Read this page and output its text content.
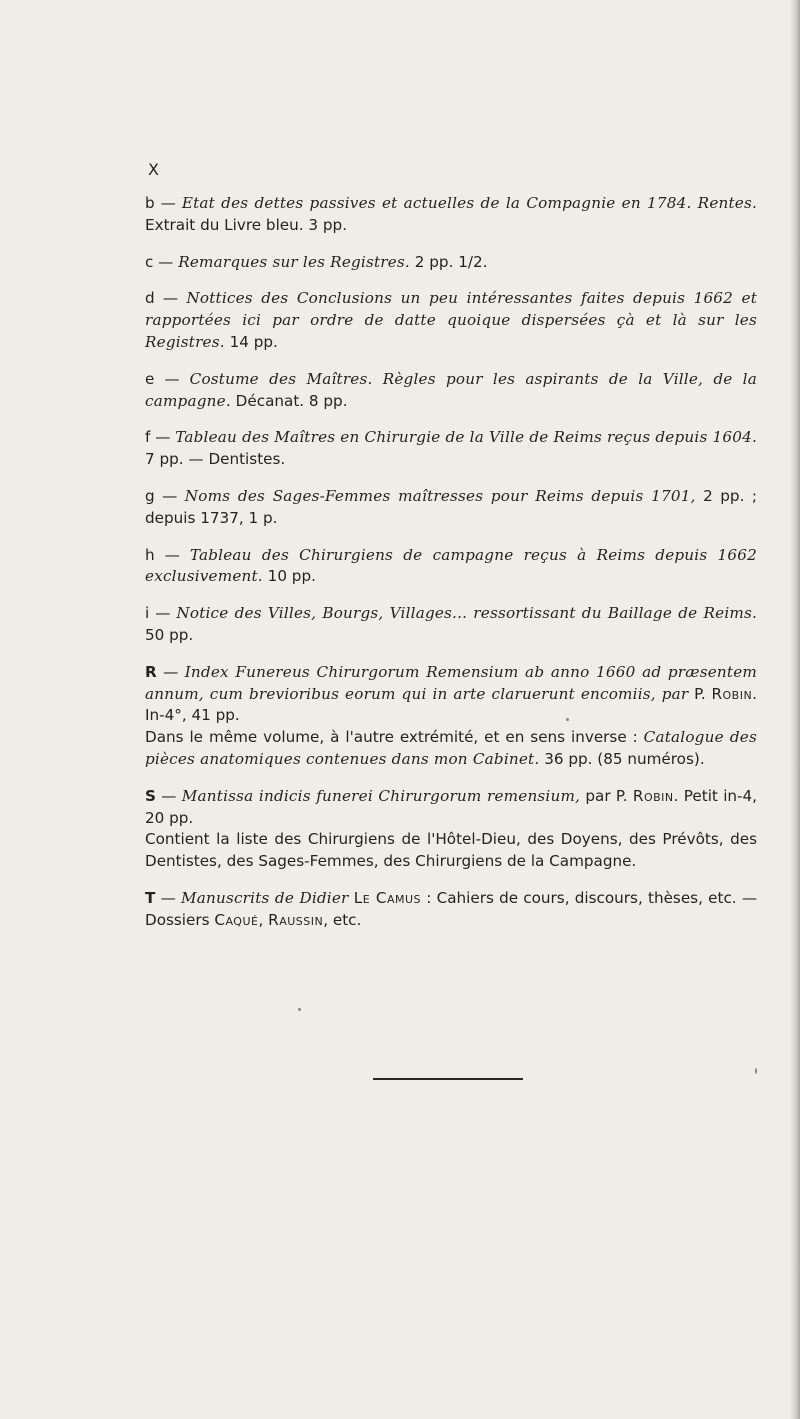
X

b — Etat des dettes passives et actuelles de la Compagnie en 1784. Rentes. Extrait du Livre bleu. 3 pp.

c — Remarques sur les Registres. 2 pp. 1/2.

d — Nottices des Conclusions un peu intéressantes faites depuis 1662 et rapportées ici par ordre de datte quoique dispersées çà et là sur les Registres. 14 pp.

e — Costume des Maîtres. Règles pour les aspirants de la Ville, de la campagne. Décanat. 8 pp.

f — Tableau des Maîtres en Chirurgie de la Ville de Reims reçus depuis 1604. 7 pp. — Dentistes.

g — Noms des Sages-Femmes maîtresses pour Reims depuis 1701, 2 pp. ; depuis 1737, 1 p.

h — Tableau des Chirurgiens de campagne reçus à Reims depuis 1662 exclusivement. 10 pp.

i — Notice des Villes, Bourgs, Villages... ressortissant du Baillage de Reims. 50 pp.

R — Index Funereus Chirurgorum Remensium ab anno 1660 ad præsentem annum, cum brevioribus eorum qui in arte claruerunt encomiis, par P. Robin. In-4°, 41 pp.

Dans le même volume, à l'autre extrémité, et en sens inverse : Catalogue des pièces anatomiques contenues dans mon Cabinet. 36 pp. (85 numéros).

S — Mantissa indicis funerei Chirurgorum remensium, par P. Robin. Petit in-4, 20 pp.

Contient la liste des Chirurgiens de l'Hôtel-Dieu, des Doyens, des Prévôts, des Dentistes, des Sages-Femmes, des Chirurgiens de la Campagne.

T — Manuscrits de Didier Le Camus : Cahiers de cours, discours, thèses, etc. — Dossiers Caqué, Raussin, etc.
